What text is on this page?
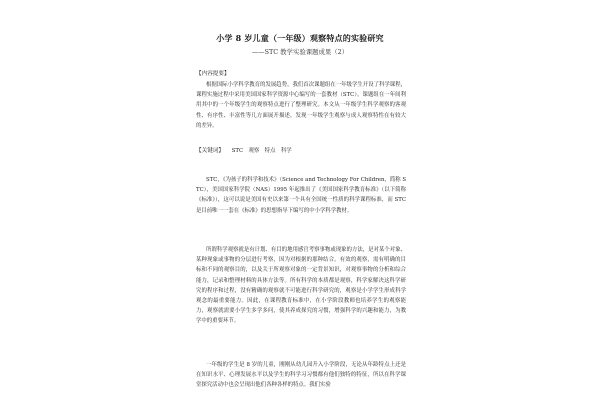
小学 8 岁儿童（一年级）观察特点的实验研究
——STC 教学实验课题成果（2）
【内容提要】
根据国际小学科学教育的发展趋势，我们首次课题组在一年级学生开设了科学课程，课程实施过程中采用美国国家科学资源中心编写的一套教材（STC），课题组在一年间利用其中的一个年级学生的观察特点进行了整理研究。本文从一年级学生科学观察的客观性、有序性、丰富性等几方面展开描述。发现一年级学生观察与成人观察特性在有较大的差异。
【关键词】 STC　观察　特点　科学
STC，《为孩子的科学和技术》（Science and Technology For Children，简称 STC），美国国家科学院（NAS）1995 年起推出了《美国国家科学教育标准》（以下简称《标准》），这可以说是美国有史以来第一个具有全国统一性质的科学课程标准，而 STC 是目前唯一一套在《标准》的思想指导下编写的中小学科学教材。
所谓科学观察就是有计划、有目的地用感官考察事物或现象的方法，是对某个对象、某种现象或事物的分层进行考察，因为对根据的那种结合。有效的观察，需有明确的目标和不同的观察目的，以及关于所观察对象的一定背景知识，对观察事物的分析和综合能力，记录和整理材料的具体方法等。所有科学的本质都是观察，科学家解决这科学研究的程序和过程，没有精确的观察就不可能进行科学研究的，观察是小学学生形成科学观念的最重要能力。因此，在课程教育标准中，在小学阶段教师也培养学生的观察能力，观察就需要小学生多学多问，使其养成探究的习惯，增强科学的兴趣和能力，为教学中的重要环节。
一年级的学生是 8 岁的儿童，刚刚从幼儿园升入小学阶段，无论从年龄特点上还是在知识水平、心理发展水平以及学生的科学习习惯都有他们独特的特征，所以在科学课堂探究活动中也会呈现出他们各种各样的特点。我们实验
